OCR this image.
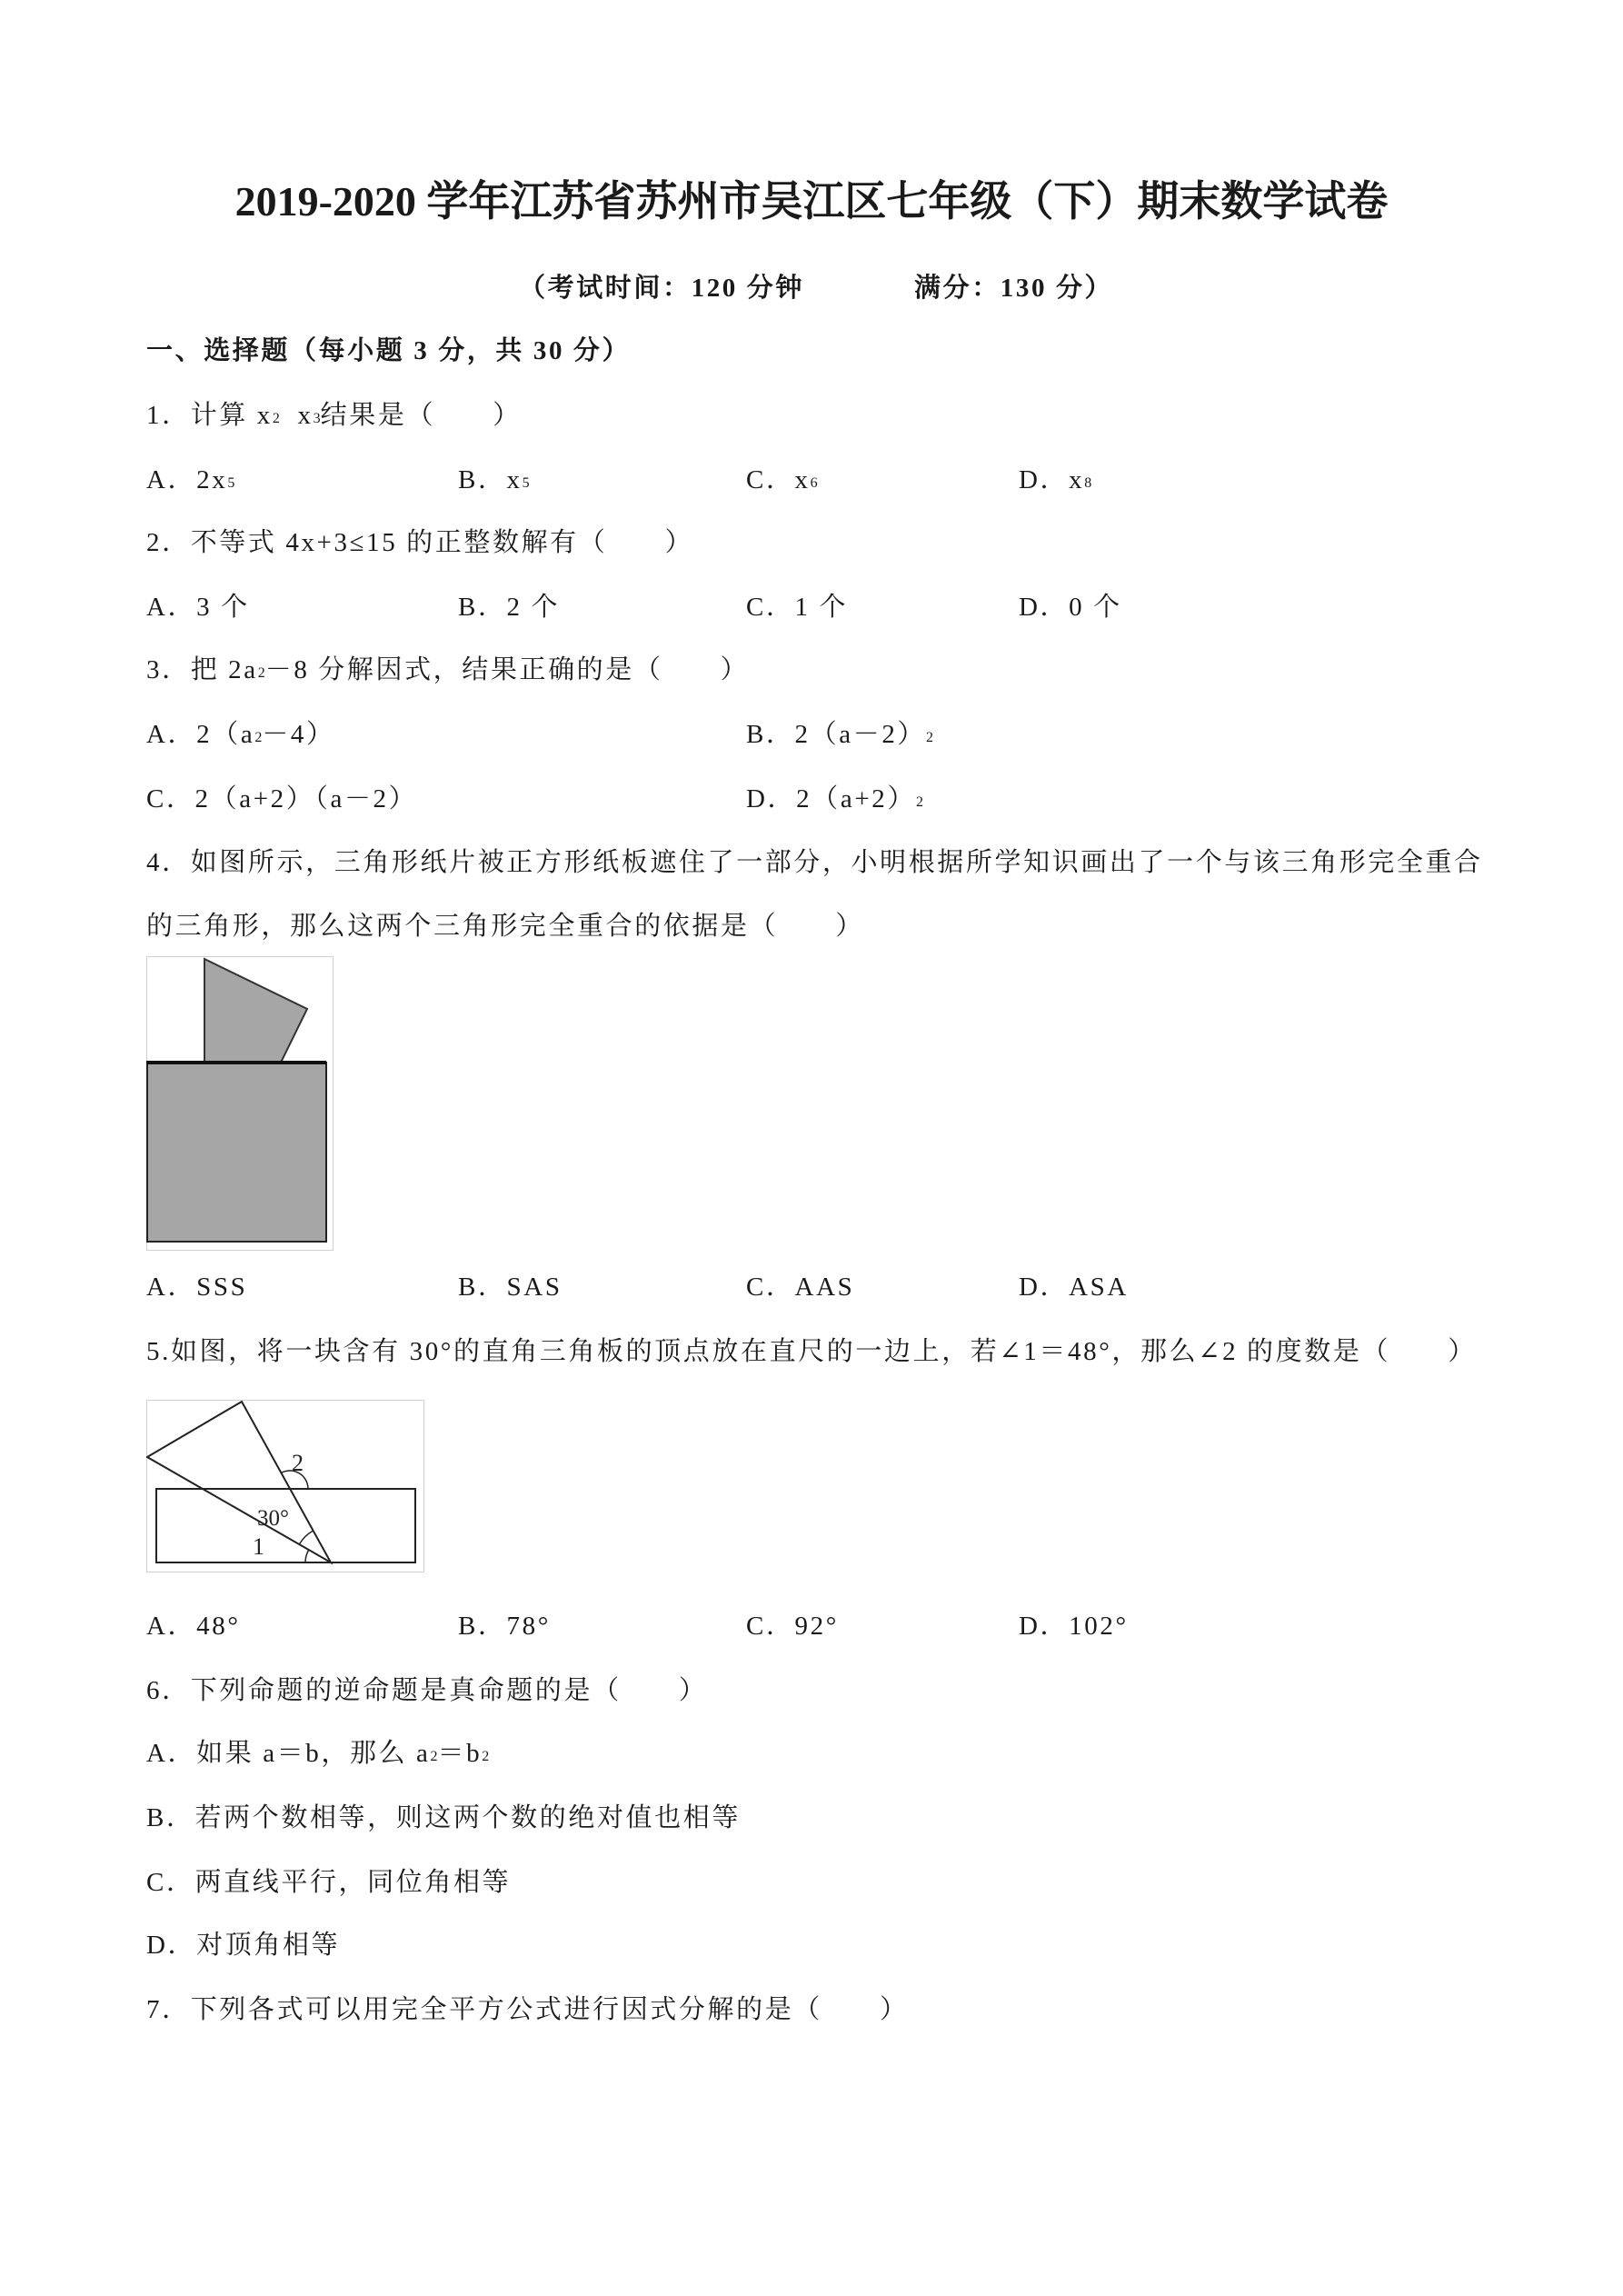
2019-2020 学年江苏省苏州市吴江区七年级（下）期末数学试卷
（考试时间：120 分钟	满分：130 分）
一、选择题（每小题 3 分，共 30 分）
1．计算 x2  x3结果是（　　）
A．2x5	B．x5	C．x6	D．x8
2．不等式 4x+3≤15 的正整数解有（　　）
A．3 个	B．2 个	C．1 个	D．0 个
3．把 2a2－8 分解因式，结果正确的是（　　）
A．2（a2－4）	B．2（a－2）2
C．2（a+2）（a－2）	D．2（a+2）2
4．如图所示，三角形纸片被正方形纸板遮住了一部分，小明根据所学知识画出了一个与该三角形完全重合
的三角形，那么这两个三角形完全重合的依据是（　　）
A．SSS	B．SAS	C．AAS	D．ASA
5.如图，将一块含有 30°的直角三角板的顶点放在直尺的一边上，若∠1＝48°，那么∠2 的度数是（　　）
2
30°
1
A．48°	B．78°	C．92°	D．102°
6．下列命题的逆命题是真命题的是（　　）
A．如果 a＝b，那么 a2＝b2
B．若两个数相等，则这两个数的绝对值也相等
C．两直线平行，同位角相等
D．对顶角相等
7．下列各式可以用完全平方公式进行因式分解的是（　　）
